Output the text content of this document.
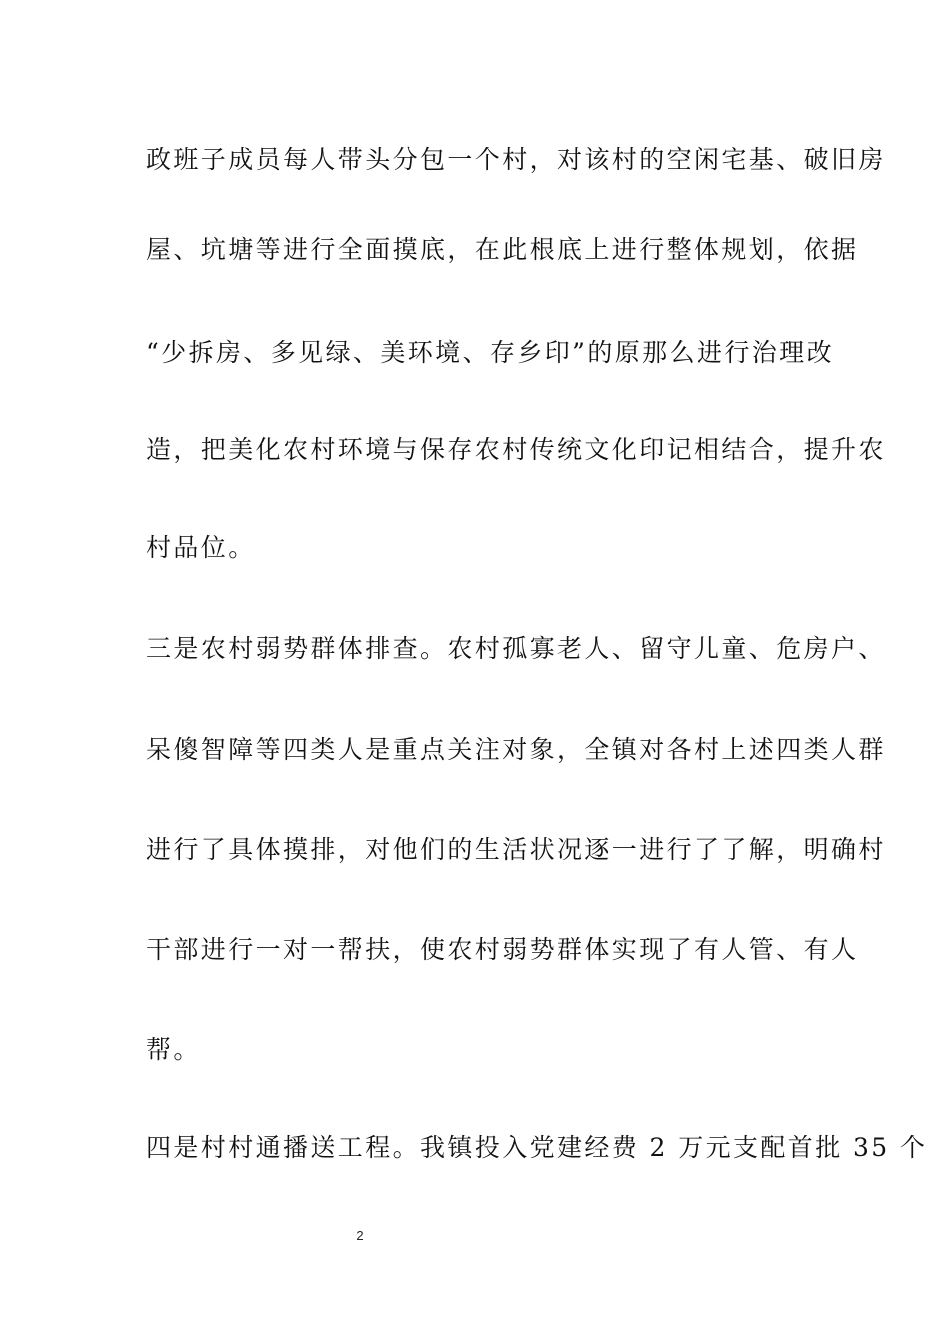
政班子成员每人带头分包一个村，对该村的空闲宅基、破旧房
屋、坑塘等进行全面摸底，在此根底上进行整体规划，依据
“少拆房、多见绿、美环境、存乡印”的原那么进行治理改
造，把美化农村环境与保存农村传统文化印记相结合，提升农
村品位。
三是农村弱势群体排查。农村孤寡老人、留守儿童、危房户、
呆傻智障等四类人是重点关注对象，全镇对各村上述四类人群
进行了具体摸排，对他们的生活状况逐一进行了了解，明确村
干部进行一对一帮扶，使农村弱势群体实现了有人管、有人
帮。
四是村村通播送工程。我镇投入党建经费 2 万元支配首批 35 个
2
